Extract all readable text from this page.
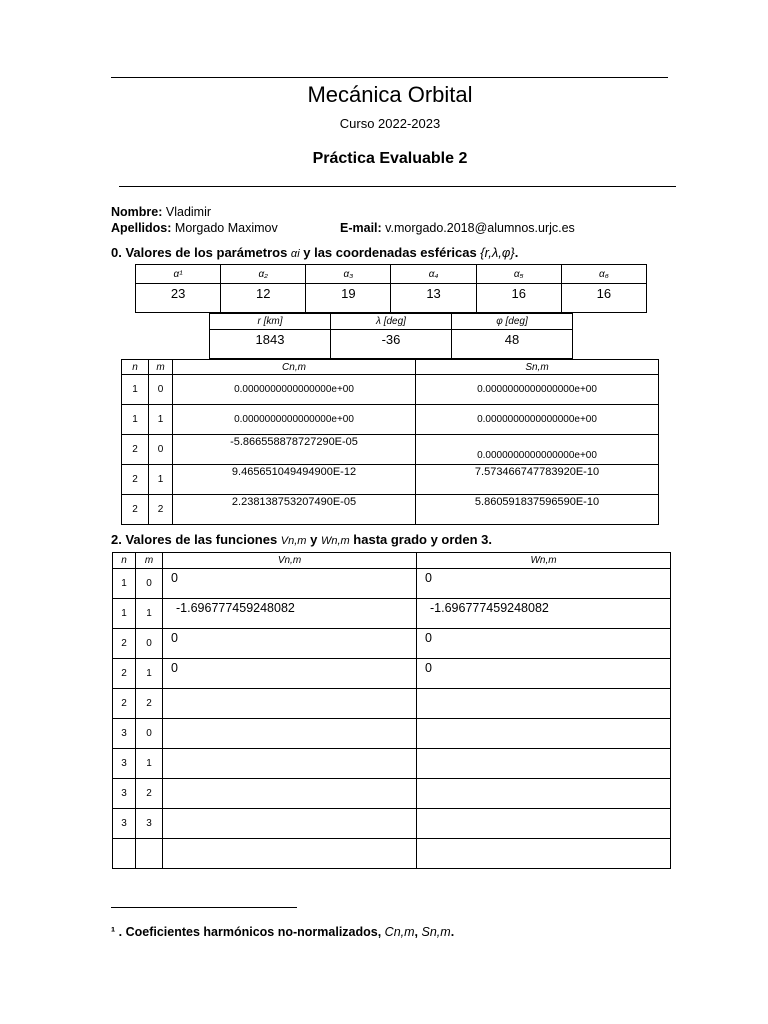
Mecánica Orbital
Curso 2022-2023
Práctica Evaluable 2
Nombre: Vladimir
Apellidos: Morgado Maximov	E-mail: v.morgado.2018@alumnos.urjc.es
0. Valores de los parámetros αi y las coordenadas esféricas {r,λ,φ}.
α¹	α₂	α₃	α₄	α₅	α₆
23	12	19	13	16	16
r [km]	λ [deg]	φ [deg]
1843	-36	48
n	m	Cn,m	Sn,m
1	0	0.0000000000000000e+00	0.0000000000000000e+00
1	1	0.0000000000000000e+00	0.0000000000000000e+00
2	0	-5.866558878727290E-05	0.0000000000000000e+00
2	1	9.465651049494900E-12	7.573466747783920E-10
2	2	2.238138753207490E-05	5.860591837596590E-10
2. Valores de las funciones Vn,m y Wn,m hasta grado y orden 3.
n	m	Vn,m	Wn,m
1	0	0	0
1	1	-1.696777459248082	-1.696777459248082
2	0	0	0
2	1	0	0
2	2		
3	0		
3	1		
3	2		
3	3		

¹ . Coeficientes harmónicos no-normalizados, Cn,m, Sn,m.
